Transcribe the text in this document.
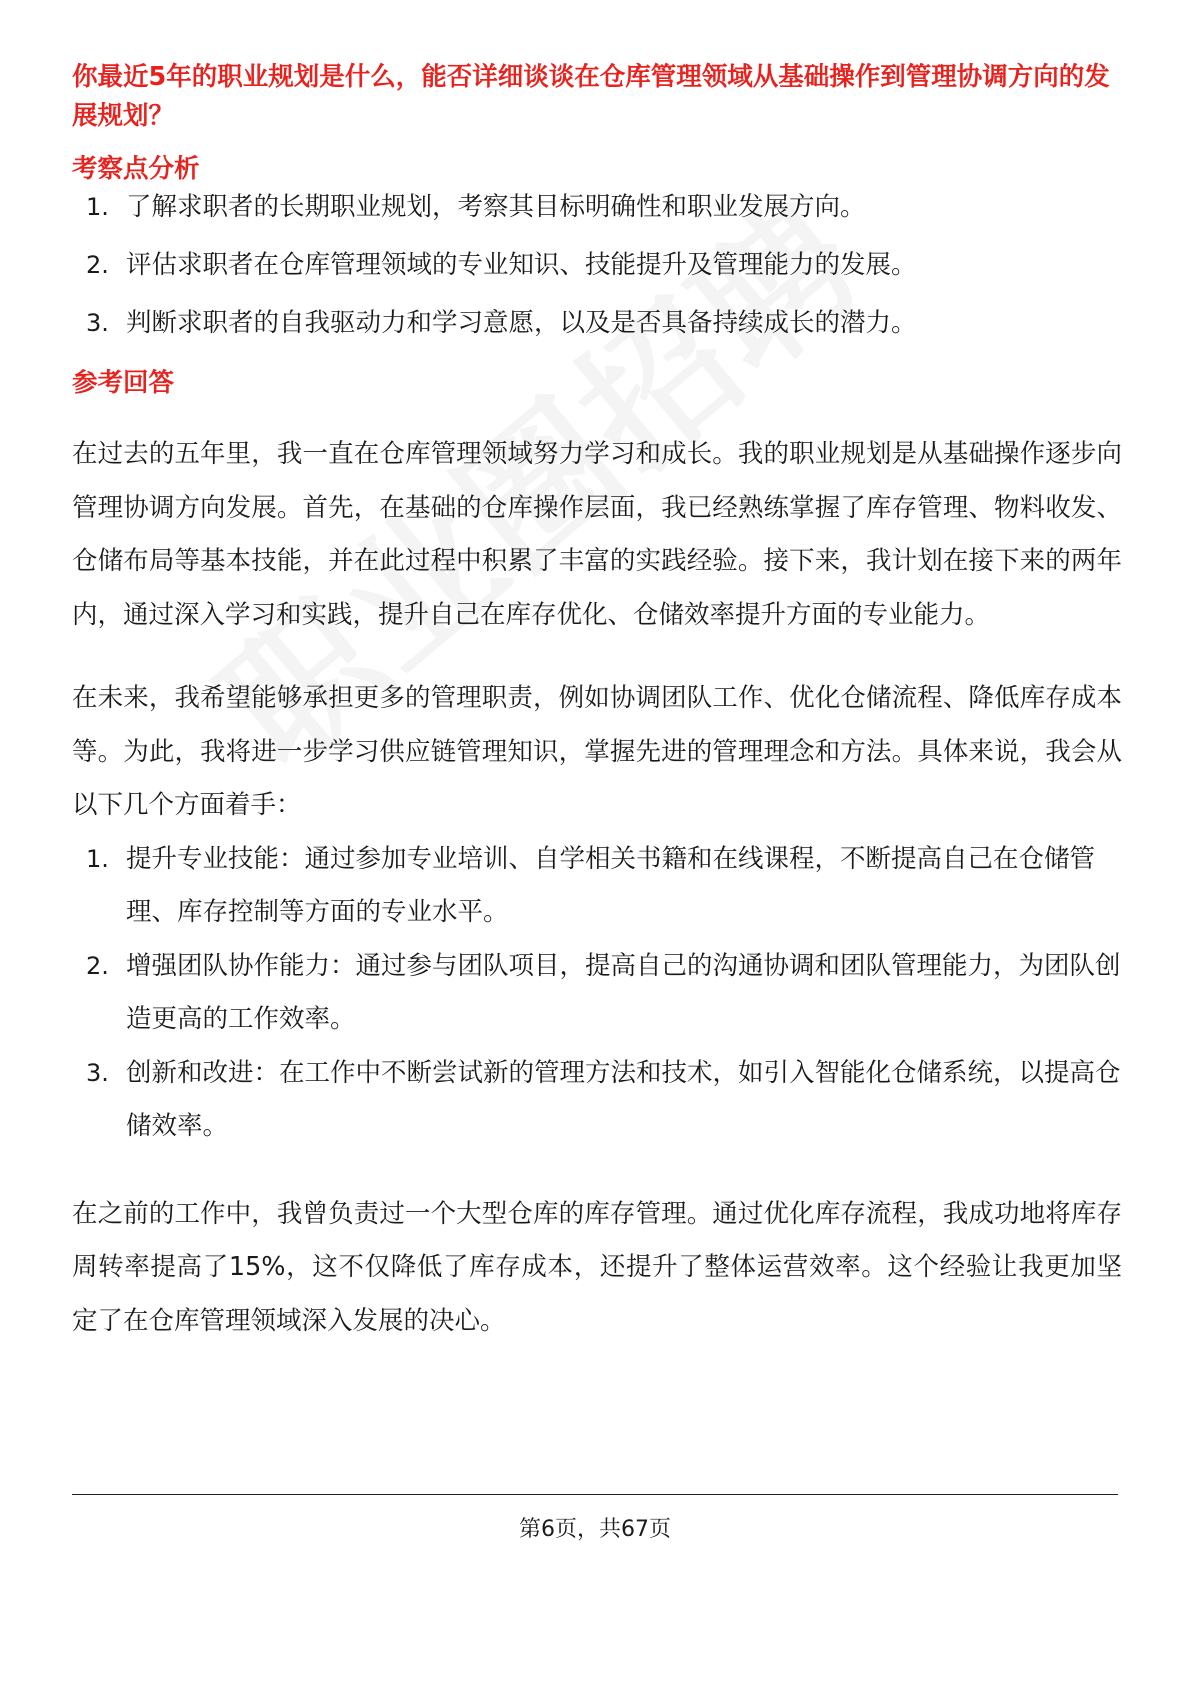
你最近5年的职业规划是什么，能否详细谈谈在仓库管理领域从基础操作到管理协调方向的发展规划？

考察点分析
1. 了解求职者的长期职业规划，考察其目标明确性和职业发展方向。
2. 评估求职者在仓库管理领域的专业知识、技能提升及管理能力的发展。
3. 判断求职者的自我驱动力和学习意愿，以及是否具备持续成长的潜力。
参考回答

在过去的五年里，我一直在仓库管理领域努力学习和成长。我的职业规划是从基础操作逐步向管理协调方向发展。首先，在基础的仓库操作层面，我已经熟练掌握了库存管理、物料收发、仓储布局等基本技能，并在此过程中积累了丰富的实践经验。接下来，我计划在接下来的两年内，通过深入学习和实践，提升自己在库存优化、仓储效率提升方面的专业能力。

在未来，我希望能够承担更多的管理职责，例如协调团队工作、优化仓储流程、降低库存成本等。为此，我将进一步学习供应链管理知识，掌握先进的管理理念和方法。具体来说，我会从以下几个方面着手：

1. 提升专业技能：通过参加专业培训、自学相关书籍和在线课程，不断提高自己在仓储管理、库存控制等方面的专业水平。
2. 增强团队协作能力：通过参与团队项目，提高自己的沟通协调和团队管理能力，为团队创造更高的工作效率。
3. 创新和改进：在工作中不断尝试新的管理方法和技术，如引入智能化仓储系统，以提高仓储效率。

在之前的工作中，我曾负责过一个大型仓库的库存管理。通过优化库存流程，我成功地将库存周转率提高了15%，这不仅降低了库存成本，还提升了整体运营效率。这个经验让我更加坚定了在仓库管理领域深入发展的决心。

第6页，共67页
